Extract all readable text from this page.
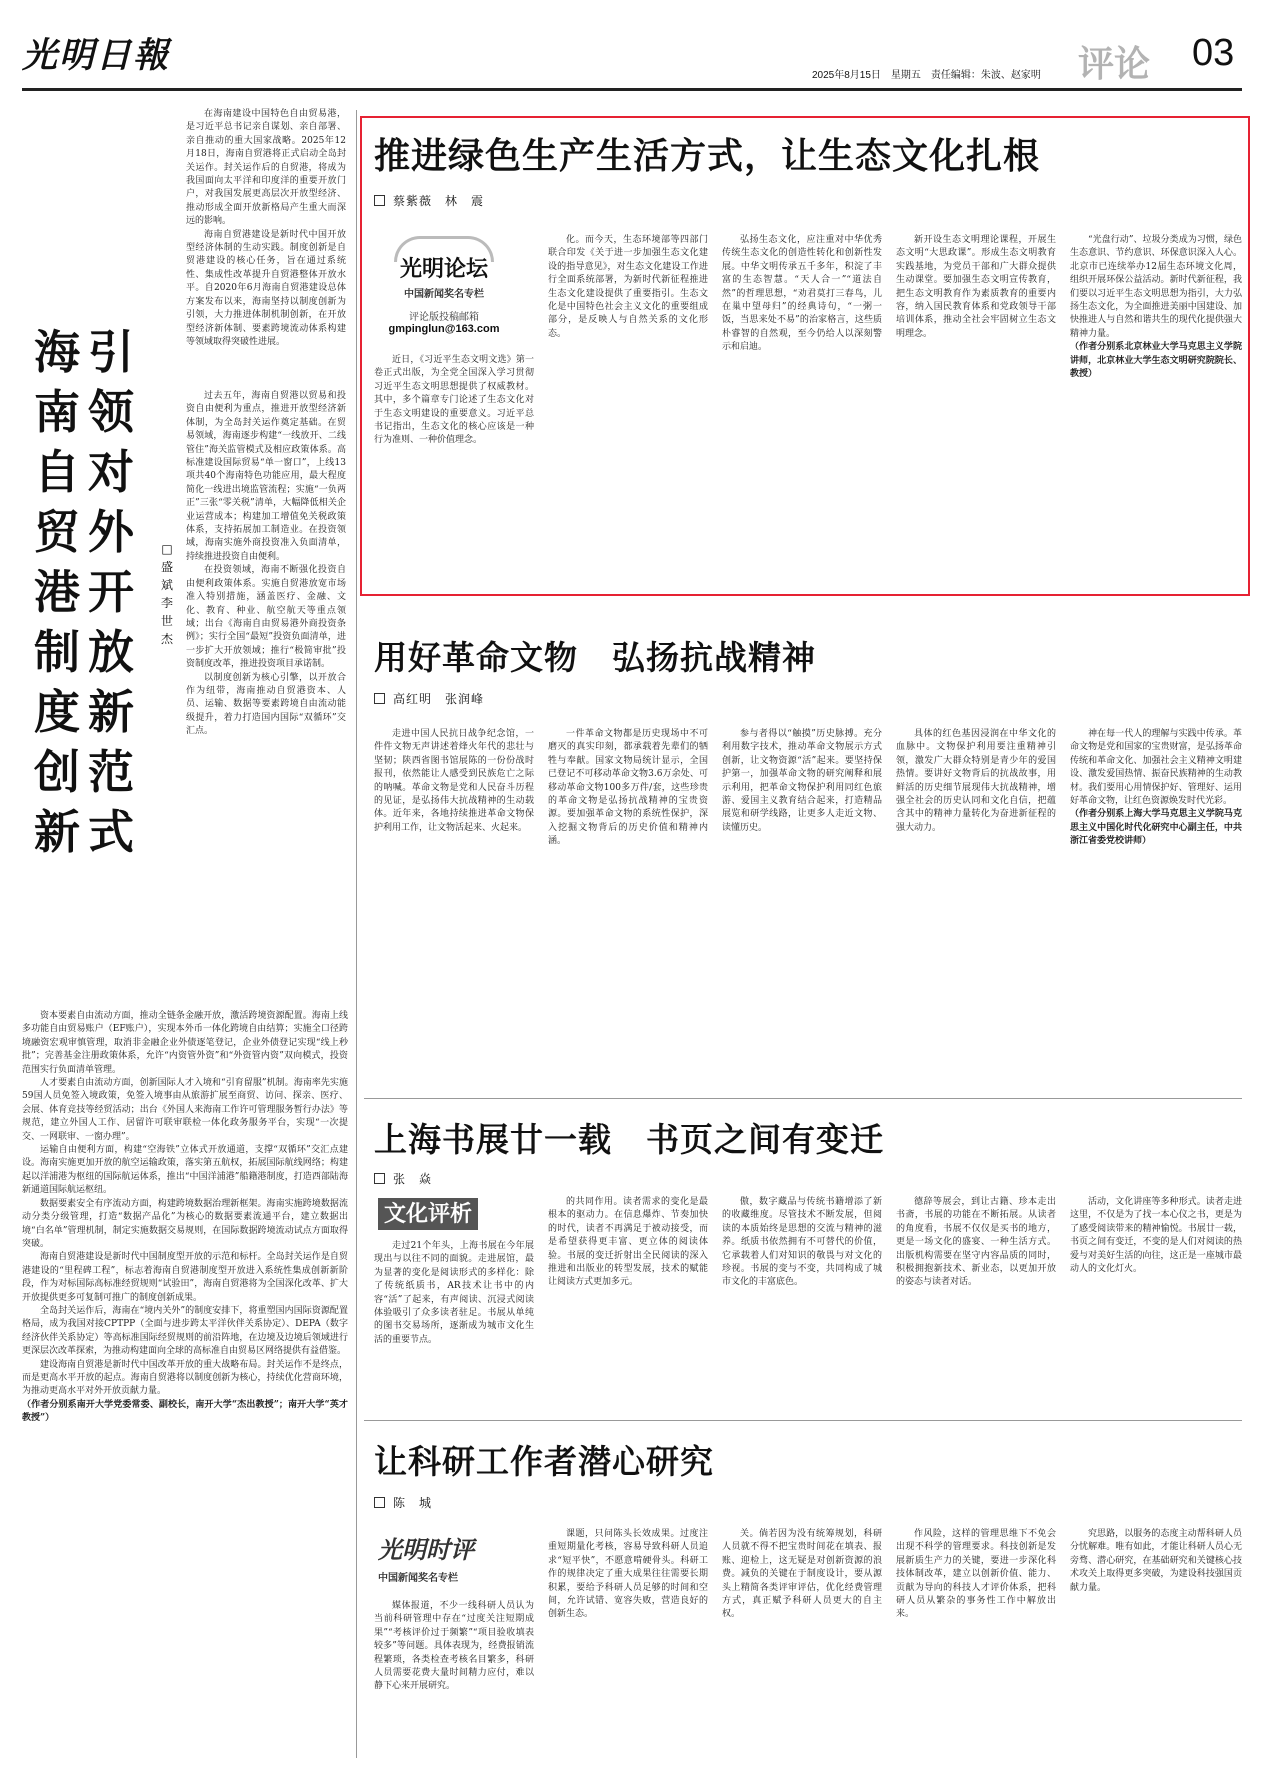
光明日報	2025年8月15日　星期五　责任编辑：朱波、赵家明 评论 03

在海南建设中国特色自由贸易港，是习近平总书记亲自谋划、亲自部署、亲自推动的重大国家战略。2025年12月18日，海南自贸港将正式启动全岛封关运作。封关运作后的自贸港，将成为我国面向太平洋和印度洋的重要开放门户，对我国发展更高层次开放型经济、推动形成全面开放新格局产生重大而深远的影响。

海南自贸港建设是新时代中国开放型经济体制的生动实践。制度创新是自贸港建设的核心任务，旨在通过系统性、集成性改革提升自贸港整体开放水平。自2020年6月海南自贸港建设总体方案发布以来，海南坚持以制度创新为引领，大力推进体制机制创新，在开放型经济新体制、要素跨境流动体系构建等领域取得突破性进展。

引领对外开放新范式
海南自贸港制度创新
□盛　斌　李世杰

过去五年，海南自贸港以贸易和投资自由便利为重点，推进开放型经济新体制，为全岛封关运作奠定基础。在贸易领域，海南逐步构建“一线放开、二线管住”海关监管模式及相应政策体系。高标准建设国际贸易“单一窗口”，上线13项共40个海南特色功能应用，最大程度简化一线进出境监管流程；实施“一负两正”三张“零关税”清单，大幅降低相关企业运营成本；构建加工增值免关税政策体系，支持拓展加工制造业。在投资领域，海南实施外商投资准入负面清单，持续推进投资自由便利。

在投资领域，海南不断强化投资自由便利政策体系。实施自贸港放宽市场准入特别措施，涵盖医疗、金融、文化、教育、种业、航空航天等重点领域；出台《海南自由贸易港外商投资条例》；实行全国“最短”投资负面清单，进一步扩大开放领域；推行“极简审批”投资制度改革，推进投资项目承诺制。

以制度创新为核心引擎，以开放合作为纽带，海南推动自贸港资本、人员、运输、数据等要素跨境自由流动能级提升，着力打造国内国际“双循环”交汇点。

资本要素自由流动方面，推动全链条金融开放，激活跨境资源配置。海南上线多功能自由贸易账户（EF账户），实现本外币一体化跨境自由结算；实施全口径跨境融资宏观审慎管理，取消非金融企业外债逐笔登记，企业外债登记实现“线上秒批”；完善基金注册政策体系，允许“内资管外资”和“外资管内资”双向模式，投资范围实行负面清单管理。

人才要素自由流动方面，创新国际人才入境和“引育留服”机制。海南率先实施59国人员免签入境政策，免签入境事由从旅游扩展至商贸、访问、探亲、医疗、会展、体育竞技等经贸活动；出台《外国人来海南工作许可管理服务暂行办法》等规范，建立外国人工作、居留许可联审联检一体化政务服务平台，实现“一次提交、一网联审、一窗办理”。

运输自由便利方面，构建“空海铁”立体式开放通道，支撑“双循环”交汇点建设。海南实施更加开放的航空运输政策，落实第五航权，拓展国际航线网络；构建起以洋浦港为枢纽的国际航运体系，推出“中国洋浦港”船籍港制度，打造西部陆海新通道国际航运枢纽。

数据要素安全有序流动方面，构建跨境数据治理新框架。海南实施跨境数据流动分类分级管理，打造“数据产品化”为核心的数据要素流通平台，建立数据出境“白名单”管理机制，制定实施数据交易规则，在国际数据跨境流动试点方面取得突破。

海南自贸港建设是新时代中国制度型开放的示范和标杆。全岛封关运作是自贸港建设的“里程碑工程”，标志着海南自贸港制度型开放进入系统性集成创新新阶段，作为对标国际高标准经贸规则“试验田”，海南自贸港将为全国深化改革、扩大开放提供更多可复制可推广的制度创新成果。

全岛封关运作后，海南在“境内关外”的制度安排下，将重塑国内国际资源配置格局，成为我国对接CPTPP（全面与进步跨太平洋伙伴关系协定）、DEPA（数字经济伙伴关系协定）等高标准国际经贸规则的前沿阵地，在边境及边境后领域进行更深层次改革探索，为推动构建面向全球的高标准自由贸易区网络提供有益借鉴。

建设海南自贸港是新时代中国改革开放的重大战略布局。封关运作不是终点，而是更高水平开放的起点。海南自贸港将以制度创新为核心，持续优化营商环境，为推动更高水平对外开放贡献力量。

（作者分别系南开大学党委常委、副校长，南开大学“杰出教授”；南开大学“英才教授”）

推进绿色生产生活方式，让生态文化扎根
蔡紫薇　林　震
光明论坛
中国新闻奖名专栏
评论版投稿邮箱
gmpinglun@163.com

近日，《习近平生态文明文选》第一卷正式出版，为全党全国深入学习贯彻习近平生态文明思想提供了权威教材。其中，多个篇章专门论述了生态文化对于生态文明建设的重要意义。习近平总书记指出，生态文化的核心应该是一种行为准则、一种价值理念。

化。而今天，生态环境部等四部门联合印发《关于进一步加强生态文化建设的指导意见》，对生态文化建设工作进行全面系统部署，为新时代新征程推进生态文化建设提供了重要指引。生态文化是中国特色社会主义文化的重要组成部分，是反映人与自然关系的文化形态。

弘扬生态文化，应注重对中华优秀传统生态文化的创造性转化和创新性发展。中华文明传承五千多年，积淀了丰富的生态智慧。“天人合一”“道法自然”的哲理思想，“劝君莫打三春鸟，儿在巢中望母归”的经典诗句，“一粥一饭，当思来处不易”的治家格言，这些质朴睿智的自然观，至今仍给人以深刻警示和启迪。

新开设生态文明理论课程，开展生态文明“大思政课”。形成生态文明教育实践基地，为党员干部和广大群众提供生动课堂。要加强生态文明宣传教育，把生态文明教育作为素质教育的重要内容，纳入国民教育体系和党政领导干部培训体系，推动全社会牢固树立生态文明理念。

“光盘行动”、垃圾分类成为习惯，绿色生态意识、节约意识、环保意识深入人心。北京市已连续举办12届生态环境文化周，组织开展环保公益活动。新时代新征程，我们要以习近平生态文明思想为指引，大力弘扬生态文化，为全面推进美丽中国建设、加快推进人与自然和谐共生的现代化提供强大精神力量。

（作者分别系北京林业大学马克思主义学院讲师，北京林业大学生态文明研究院院长、教授）

用好革命文物　弘扬抗战精神
高红明　张润峰

走进中国人民抗日战争纪念馆，一件件文物无声讲述着烽火年代的悲壮与坚韧；陕西省图书馆展陈的一份份战时报刊，依然能让人感受到民族危亡之际的呐喊。革命文物是党和人民奋斗历程的见证，是弘扬伟大抗战精神的生动载体。近年来，各地持续推进革命文物保护利用工作，让文物活起来、火起来。

一件革命文物都是历史现场中不可磨灭的真实印刻，都承载着先辈们的牺牲与奉献。国家文物局统计显示，全国已登记不可移动革命文物3.6万余处、可移动革命文物100多万件/套，这些珍贵的革命文物是弘扬抗战精神的宝贵资源。要加强革命文物的系统性保护，深入挖掘文物背后的历史价值和精神内涵。

参与者得以“触摸”历史脉搏。充分利用数字技术，推动革命文物展示方式创新，让文物资源“活”起来。要坚持保护第一，加强革命文物的研究阐释和展示利用，把革命文物保护利用同红色旅游、爱国主义教育结合起来，打造精品展览和研学线路，让更多人走近文物、读懂历史。

具体的红色基因浸润在中华文化的血脉中。文物保护利用要注重精神引领，激发广大群众特别是青少年的爱国热情。要讲好文物背后的抗战故事，用鲜活的历史细节展现伟大抗战精神，增强全社会的历史认同和文化自信，把蕴含其中的精神力量转化为奋进新征程的强大动力。

神在每一代人的理解与实践中传承。革命文物是党和国家的宝贵财富，是弘扬革命传统和革命文化、加强社会主义精神文明建设、激发爱国热情、振奋民族精神的生动教材。我们要用心用情保护好、管理好、运用好革命文物，让红色资源焕发时代光彩。

（作者分别系上海大学马克思主义学院马克思主义中国化时代化研究中心副主任，中共浙江省委党校讲师）

上海书展廿一载　书页之间有变迁
张　焱
文化评析

走过21个年头，上海书展在今年展现出与以往不同的面貌。走进展馆，最为显著的变化是阅读形式的多样化：除了传统纸质书，AR技术让书中的内容“活”了起来，有声阅读、沉浸式阅读体验吸引了众多读者驻足。书展从单纯的图书交易场所，逐渐成为城市文化生活的重要节点。

的共同作用。读者需求的变化是最根本的驱动力。在信息爆炸、节奏加快的时代，读者不再满足于被动接受，而是希望获得更丰富、更立体的阅读体验。书展的变迁折射出全民阅读的深入推进和出版业的转型发展，技术的赋能让阅读方式更加多元。

傲，数字藏品与传统书籍增添了新的收藏维度。尽管技术不断发展，但阅读的本质始终是思想的交流与精神的滋养。纸质书依然拥有不可替代的价值，它承载着人们对知识的敬畏与对文化的珍视。书展的变与不变，共同构成了城市文化的丰富底色。

德辞等展会，到让古籍、珍本走出书斋，书展的功能在不断拓展。从读者的角度看，书展不仅仅是买书的地方，更是一场文化的盛宴、一种生活方式。出版机构需要在坚守内容品质的同时，积极拥抱新技术、新业态，以更加开放的姿态与读者对话。

活动，文化讲座等多种形式。读者走进这里，不仅是为了找一本心仪之书，更是为了感受阅读带来的精神愉悦。书展廿一载，书页之间有变迁，不变的是人们对阅读的热爱与对美好生活的向往，这正是一座城市最动人的文化灯火。

让科研工作者潜心研究
陈　城
光明时评
中国新闻奖名专栏

媒体报道，不少一线科研人员认为当前科研管理中存在“过度关注短期成果”“考核评价过于频繁”“项目验收填表较多”等问题。具体表现为，经费报销流程繁琐，各类检查考核名目繁多，科研人员需要花费大量时间精力应付，难以静下心来开展研究。

课题，只问陈头长效成果。过度注重短期量化考核，容易导致科研人员追求“短平快”，不愿意啃硬骨头。科研工作的规律决定了重大成果往往需要长期积累，要给予科研人员足够的时间和空间，允许试错、宽容失败，营造良好的创新生态。

关。倘若因为没有统筹规划，科研人员就不得不把宝贵时间花在填表、报账、迎检上，这无疑是对创新资源的浪费。减负的关键在于制度设计，要从源头上精简各类评审评估，优化经费管理方式，真正赋予科研人员更大的自主权。

作风险，这样的管理思维下不免会出现不科学的管理要求。科技创新是发展新质生产力的关键，要进一步深化科技体制改革，建立以创新价值、能力、贡献为导向的科技人才评价体系，把科研人员从繁杂的事务性工作中解放出来。

究思路，以服务的态度主动帮科研人员分忧解难。唯有如此，才能让科研人员心无旁骛、潜心研究，在基础研究和关键核心技术攻关上取得更多突破，为建设科技强国贡献力量。
